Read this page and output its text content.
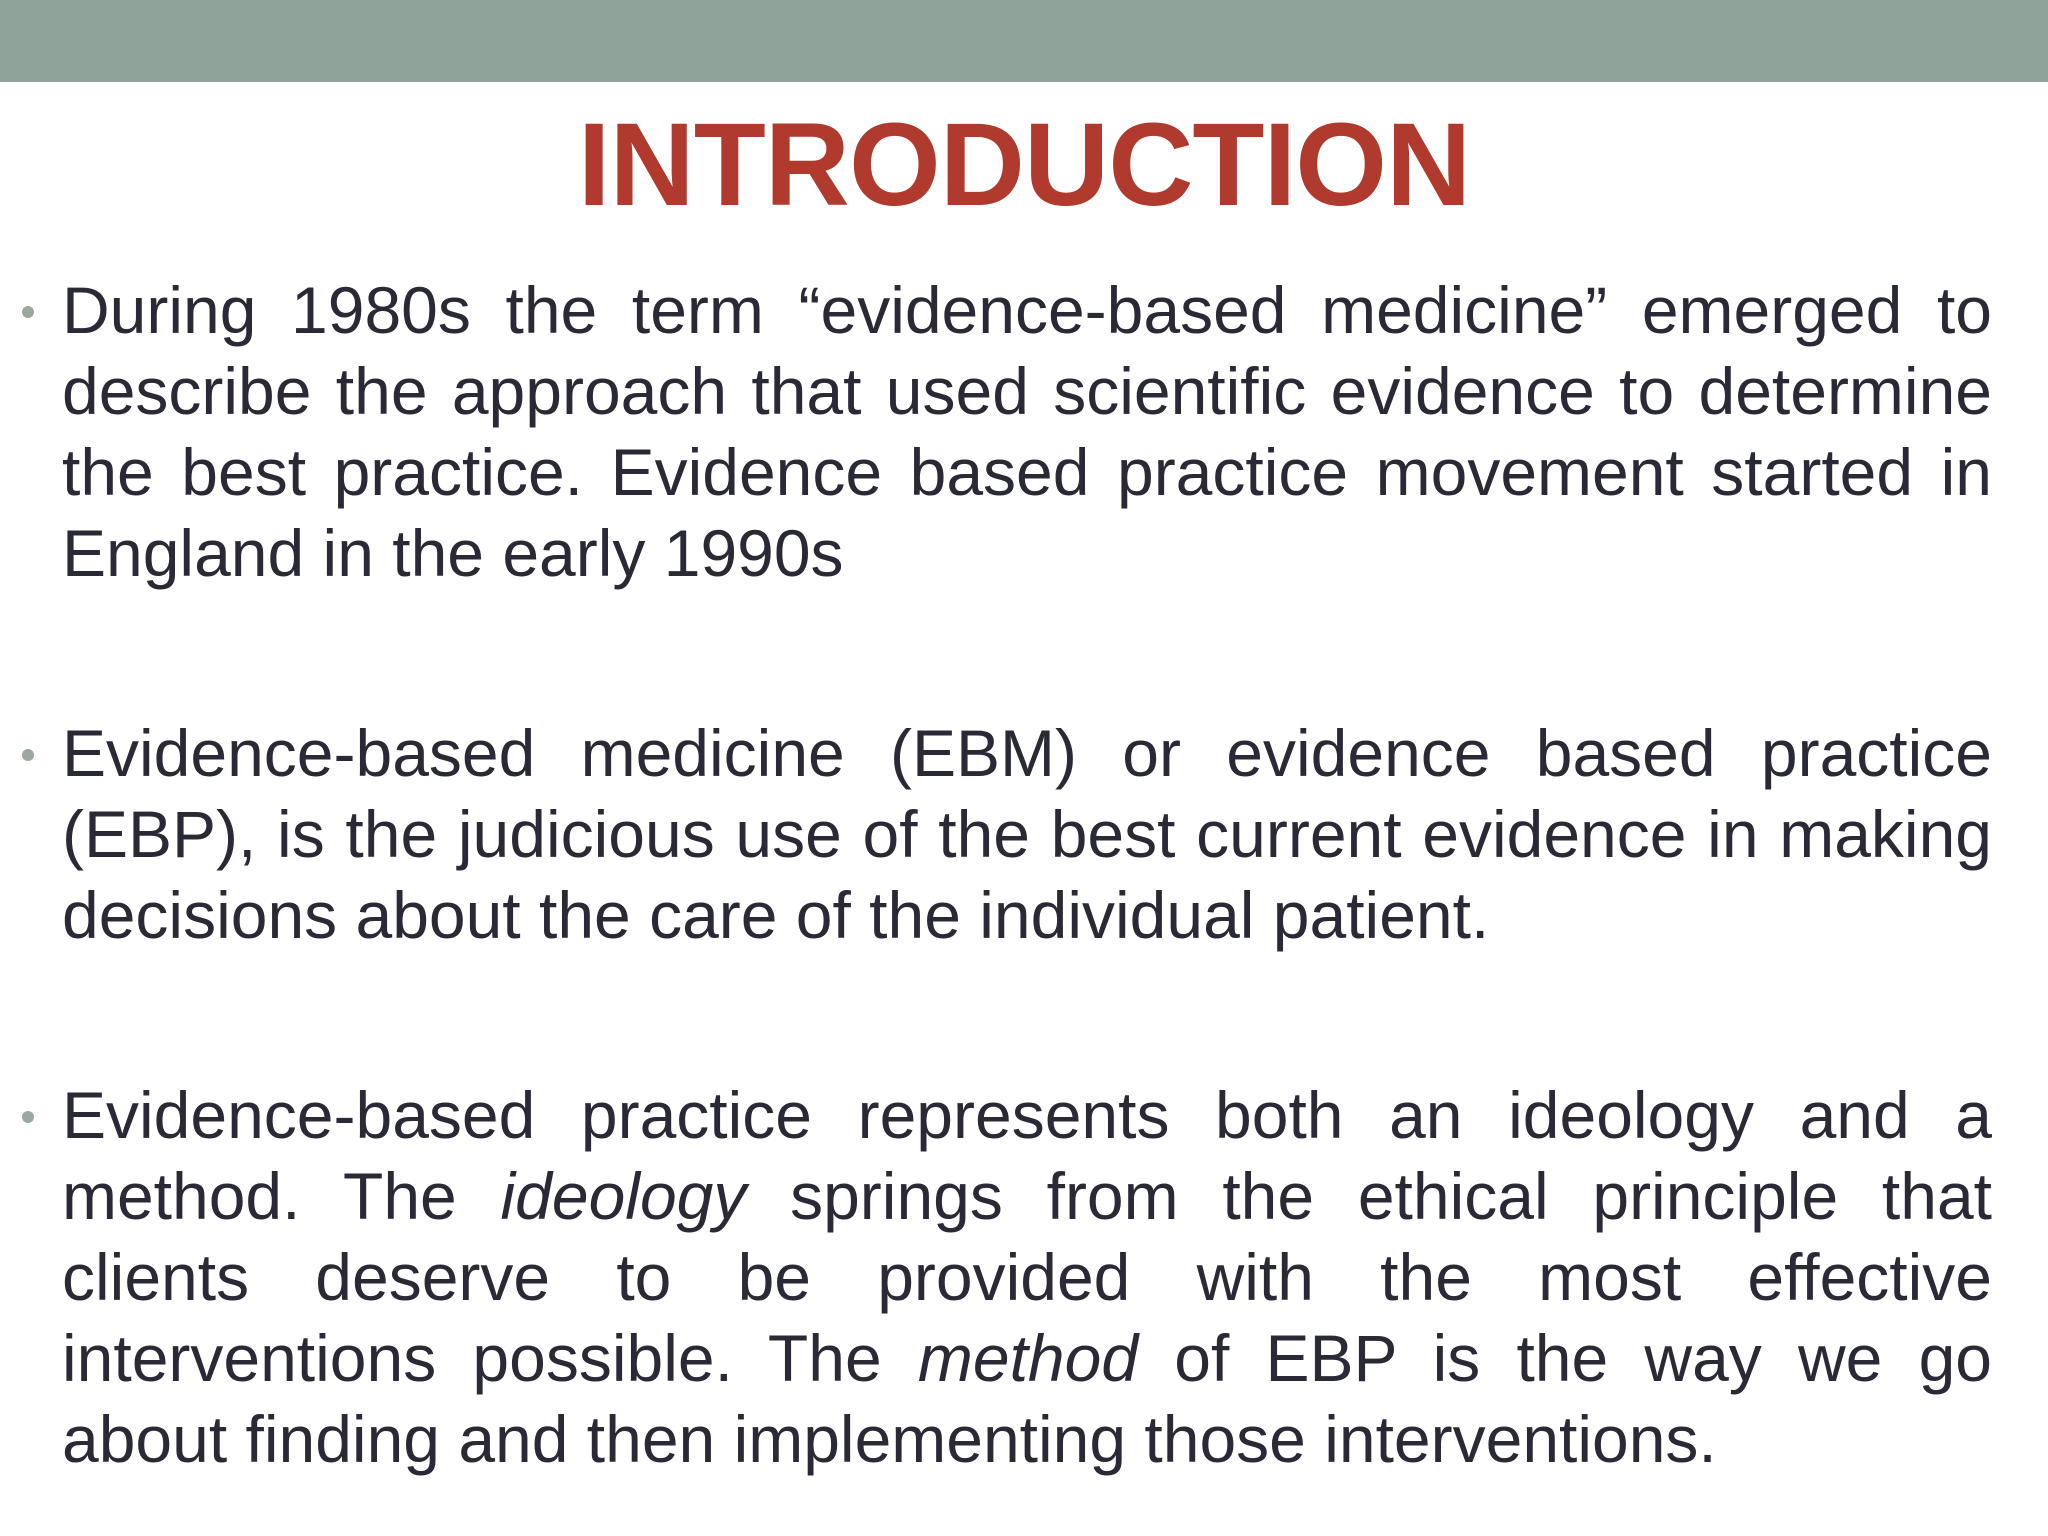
INTRODUCTION
During 1980s the term “evidence-based medicine” emerged to describe the approach that used scientific evidence to determine the best practice. Evidence based practice movement started in England in the early 1990s
Evidence-based medicine (EBM) or evidence based practice (EBP), is the judicious use of the best current evidence in making decisions about the care of the individual patient.
Evidence-based practice represents both an ideology and a method. The ideology springs from the ethical principle that clients deserve to be provided with the most effective interventions possible. The method of EBP is the way we go about finding and then implementing those interventions.
